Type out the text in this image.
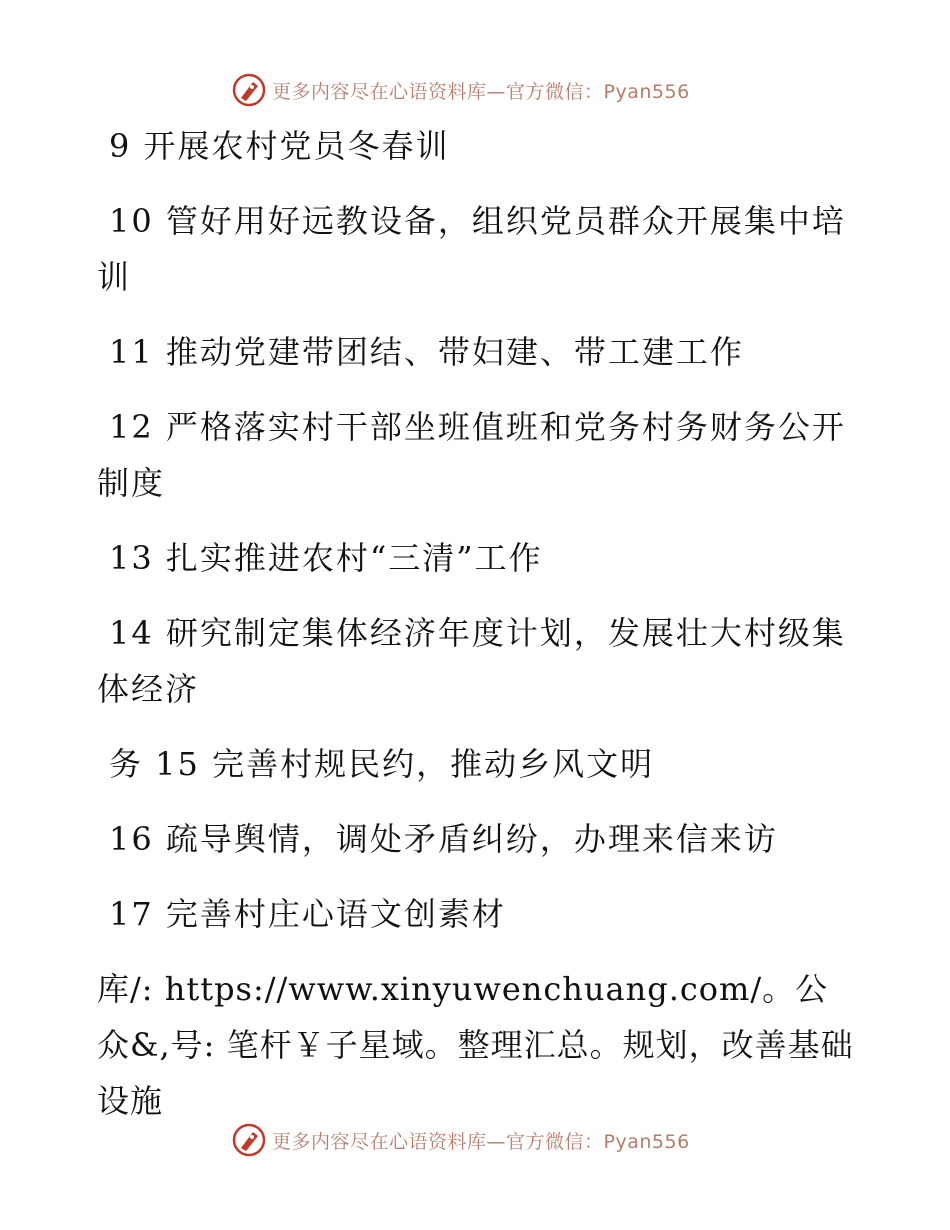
更多内容尽在心语资料库—官方微信：Pyan556

9 开展农村党员冬春训

10 管好用好远教设备，组织党员群众开展集中培训

11 推动党建带团结、带妇建、带工建工作

12 严格落实村干部坐班值班和党务村务财务公开制度

13 扎实推进农村“三清”工作

14 研究制定集体经济年度计划，发展壮大村级集体经济

务 15 完善村规民约，推动乡风文明

16 疏导舆情，调处矛盾纠纷，办理来信来访

17 完善村庄心语文创素材

库/: https://www.xinyuwenchuang.com/。公众&,号: 笔杆￥子星域。整理汇总。规划，改善基础设施

更多内容尽在心语资料库—官方微信：Pyan556
